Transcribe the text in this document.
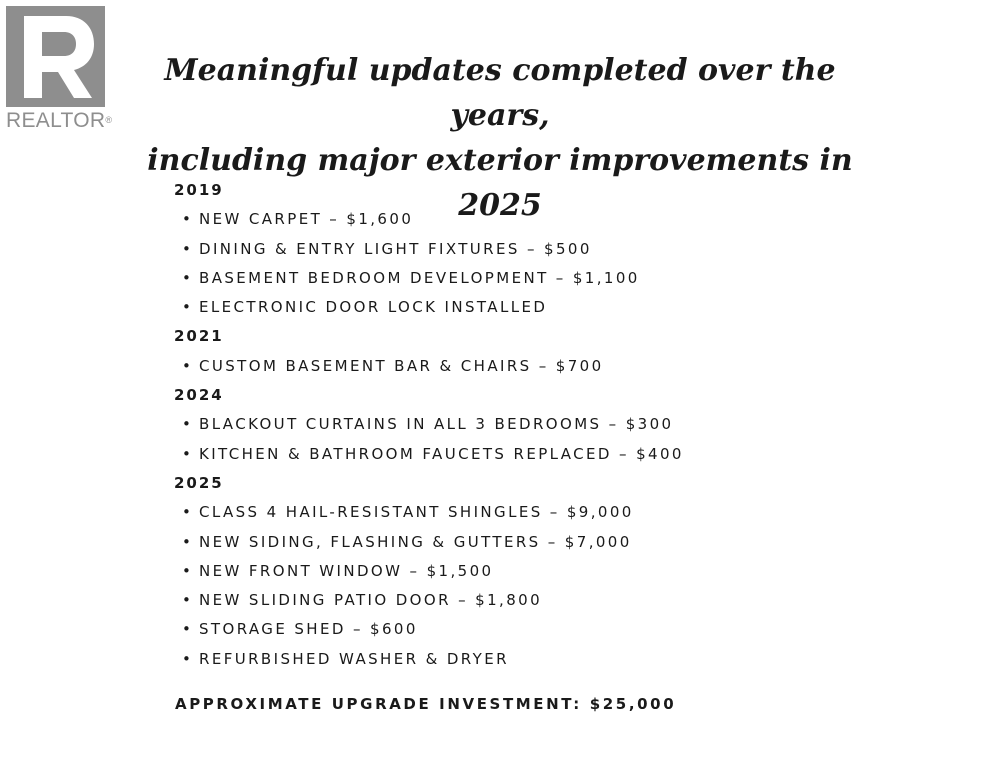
REALTOR®
Meaningful updates completed over the years,
including major exterior improvements in 2025
2019
• NEW CARPET – $1,600
• DINING & ENTRY LIGHT FIXTURES – $500
• BASEMENT BEDROOM DEVELOPMENT – $1,100
• ELECTRONIC DOOR LOCK INSTALLED
2021
• CUSTOM BASEMENT BAR & CHAIRS – $700
2024
• BLACKOUT CURTAINS IN ALL 3 BEDROOMS – $300
• KITCHEN & BATHROOM FAUCETS REPLACED – $400
2025
• CLASS 4 HAIL-RESISTANT SHINGLES – $9,000
• NEW SIDING, FLASHING & GUTTERS – $7,000
• NEW FRONT WINDOW – $1,500
• NEW SLIDING PATIO DOOR – $1,800
• STORAGE SHED – $600
• REFURBISHED WASHER & DRYER
APPROXIMATE UPGRADE INVESTMENT: $25,000
